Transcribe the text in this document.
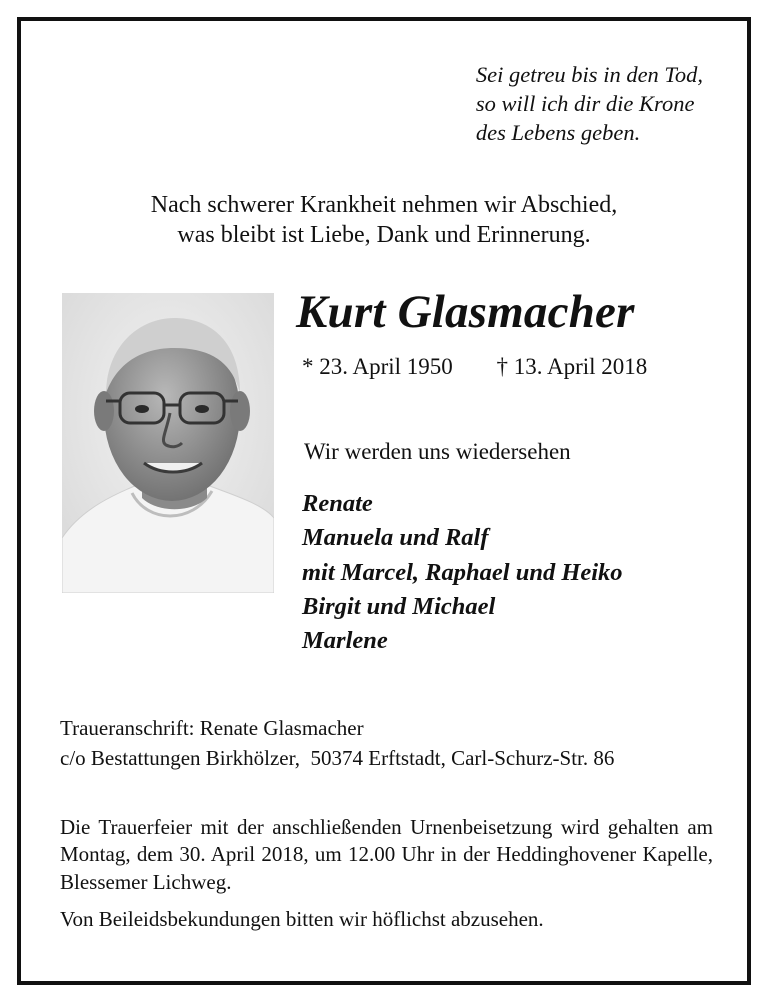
Sei getreu bis in den Tod,
so will ich dir die Krone
des Lebens geben.
Nach schwerer Krankheit nehmen wir Abschied,
was bleibt ist Liebe, Dank und Erinnerung.
Kurt Glasmacher
* 23. April 1950 † 13. April 2018
Wir werden uns wiedersehen
Renate
Manuela und Ralf
mit Marcel, Raphael und Heiko
Birgit und Michael
Marlene
Traueranschrift: Renate Glasmacher
c/o Bestattungen Birkhölzer,  50374 Erftstadt, Carl-Schurz-Str. 86
Die Trauerfeier mit der anschließenden Urnenbeisetzung wird gehalten am Montag, dem 30. April 2018, um 12.00 Uhr in der Heddinghovener Kapelle, Blessemer Lichweg.
Von Beileidsbekundungen bitten wir höflichst abzusehen.
